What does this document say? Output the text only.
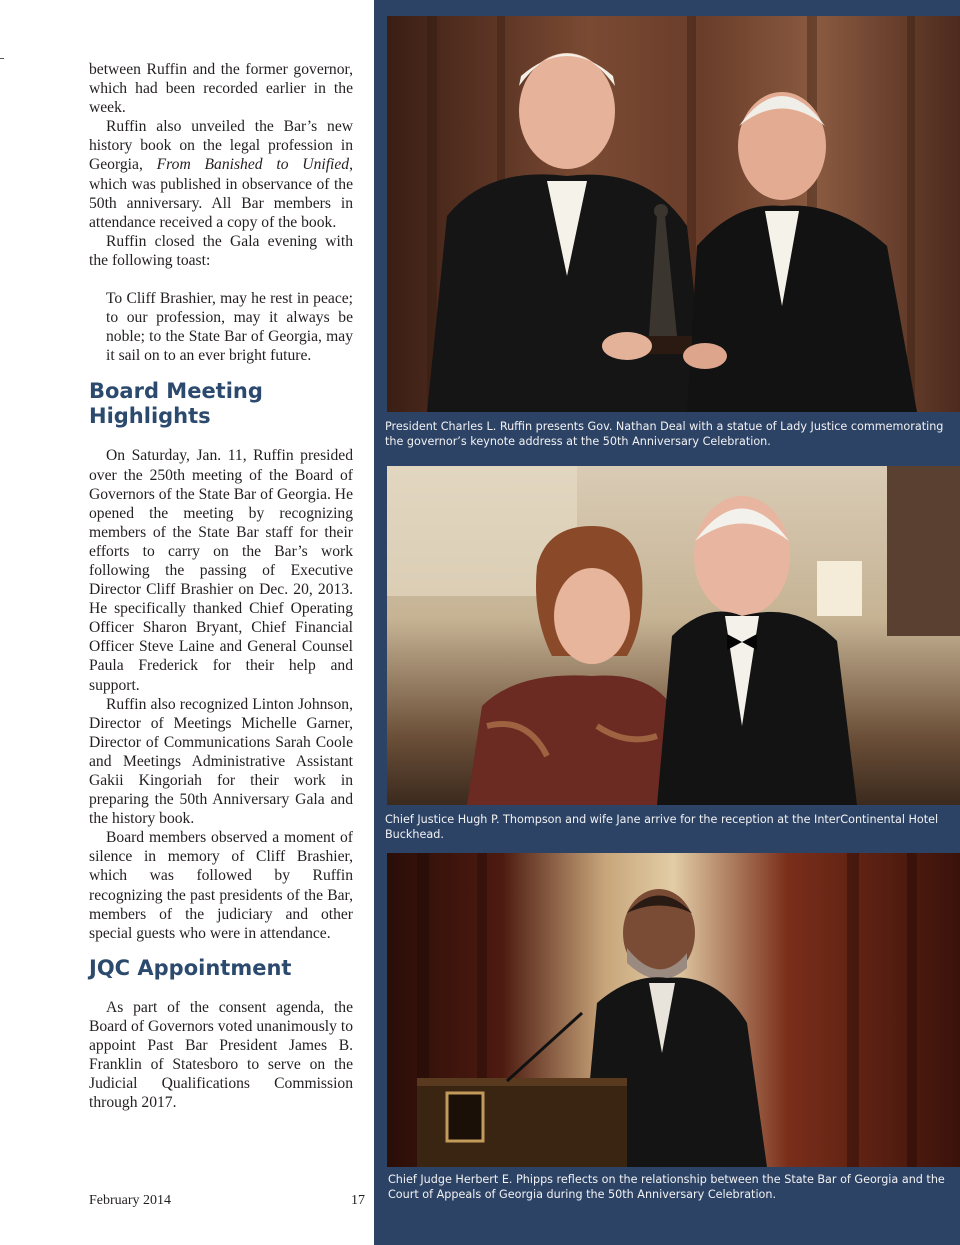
between Ruffin and the former governor, which had been recorded earlier in the week.

Ruffin also unveiled the Bar’s new history book on the legal profession in Georgia, From Banished to Unified, which was published in observance of the 50th anniversary. All Bar members in attendance received a copy of the book.

Ruffin closed the Gala evening with the following toast:

To Cliff Brashier, may he rest in peace; to our profession, may it always be noble; to the State Bar of Georgia, may it sail on to an ever bright future.

Board Meeting Highlights

On Saturday, Jan. 11, Ruffin presided over the 250th meeting of the Board of Governors of the State Bar of Georgia. He opened the meeting by recognizing members of the State Bar staff for their efforts to carry on the Bar’s work following the passing of Executive Director Cliff Brashier on Dec. 20, 2013. He specifically thanked Chief Operating Officer Sharon Bryant, Chief Financial Officer Steve Laine and General Counsel Paula Frederick for their help and support.

Ruffin also recognized Linton Johnson, Director of Meetings Michelle Garner, Director of Communications Sarah Coole and Meetings Administrative Assistant Gakii Kingoriah for their work in preparing the 50th Anniversary Gala and the history book.

Board members observed a moment of silence in memory of Cliff Brashier, which was followed by Ruffin recognizing the past presidents of the Bar, members of the judiciary and other special guests who were in attendance.

JQC Appointment

As part of the consent agenda, the Board of Governors voted unanimously to appoint Past Bar President James B. Franklin of Statesboro to serve on the Judicial Qualifications Commission through 2017.

February 2014	17
President Charles L. Ruffin presents Gov. Nathan Deal with a statue of Lady Justice commemorating the governor’s keynote address at the 50th Anniversary Celebration.
Chief Justice Hugh P. Thompson and wife Jane arrive for the reception at the InterContinental Hotel Buckhead.
Chief Judge Herbert E. Phipps reflects on the relationship between the State Bar of Georgia and the Court of Appeals of Georgia during the 50th Anniversary Celebration.
